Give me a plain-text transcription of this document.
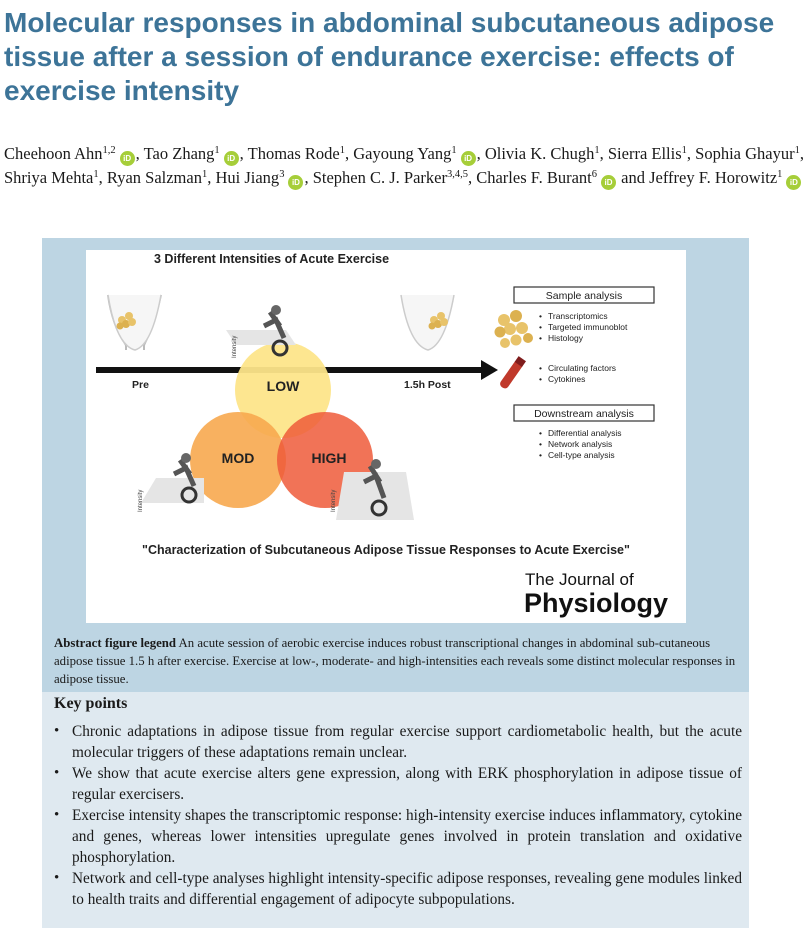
Molecular responses in abdominal subcutaneous adipose tissue after a session of endurance exercise: effects of exercise intensity
Cheehoon Ahn$^{1,2}$iD , Tao Zhang$^1$iD , Thomas Rode$^1$, Gayoung Yang$^1$iD , Olivia K. Chugh$^1$, Sierra Ellis$^1$, Sophia Ghayur$^1$, Shriya Mehta$^1$, Ryan Salzman$^1$, Hui Jiang$^3$iD , Stephen C. J. Parker$^{3,4,5}$, Charles F. Burant$^6$iD and Jeffrey F. Horowitz$^1$iD
3 Different Intensities of Acute Exercise
Pre	1.5h Post
LOW
MOD	HIGH
Intensity
Intensity	Intensity
Sample analysis
• Transcriptomics
• Targeted immunoblot
• Histology
• Circulating factors
• Cytokines
Downstream analysis
• Differential analysis
• Network analysis
• Cell-type analysis
"Characterization of Subcutaneous Adipose Tissue Responses to Acute Exercise"
The Journal of
Physiology
Abstract figure legend An acute session of aerobic exercise induces robust transcriptional changes in abdominal sub-cutaneous adipose tissue 1.5 h after exercise. Exercise at low-, moderate- and high-intensities each reveals some distinct molecular responses in adipose tissue.
Key points
• Chronic adaptations in adipose tissue from regular exercise support cardiometabolic health, but the acute molecular triggers of these adaptations remain unclear.
• We show that acute exercise alters gene expression, along with ERK phosphorylation in adipose tissue of regular exercisers.
• Exercise intensity shapes the transcriptomic response: high-intensity exercise induces inflammatory, cytokine and genes, whereas lower intensities upregulate genes involved in protein translation and oxidative phosphorylation.
• Network and cell-type analyses highlight intensity-specific adipose responses, revealing gene modules linked to health traits and differential engagement of adipocyte subpopulations.
